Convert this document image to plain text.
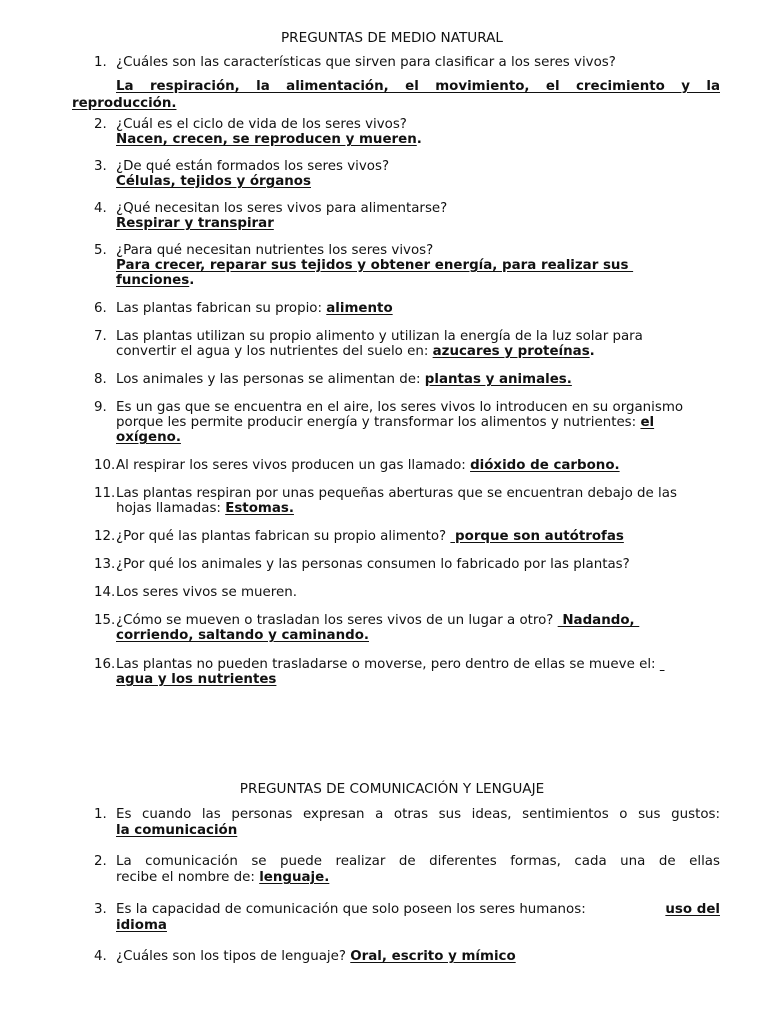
PREGUNTAS DE MEDIO NATURAL
1. ¿Cuáles son las características que sirven para clasificar a los seres vivos?
La respiración, la alimentación, el movimiento, el crecimiento y la
reproducción.
2. ¿Cuál es el ciclo de vida de los seres vivos?
Nacen, crecen, se reproducen y mueren.
3. ¿De qué están formados los seres vivos?
Células, tejidos y órganos
4. ¿Qué necesitan los seres vivos para alimentarse?
Respirar y transpirar
5. ¿Para qué necesitan nutrientes los seres vivos?
Para crecer, reparar sus tejidos y obtener energía, para realizar sus
funciones.
6. Las plantas fabrican su propio: alimento
7. Las plantas utilizan su propio alimento y utilizan la energía de la luz solar para
convertir el agua y los nutrientes del suelo en: azucares y proteínas.
8. Los animales y las personas se alimentan de: plantas y animales.
9. Es un gas que se encuentra en el aire, los seres vivos lo introducen en su organismo
porque les permite producir energía y transformar los alimentos y nutrientes: el
oxígeno.
10. Al respirar los seres vivos producen un gas llamado: dióxido de carbono.
11. Las plantas respiran por unas pequeñas aberturas que se encuentran debajo de las
hojas llamadas: Estomas.
12. ¿Por qué las plantas fabrican su propio alimento?  porque son autótrofas
13. ¿Por qué los animales y las personas consumen lo fabricado por las plantas?
14. Los seres vivos se mueren.
15. ¿Cómo se mueven o trasladan los seres vivos de un lugar a otro?  Nadando,
corriendo, saltando y caminando.
16. Las plantas no pueden trasladarse o moverse, pero dentro de ellas se mueve el:
agua y los nutrientes
PREGUNTAS DE COMUNICACIÓN Y LENGUAJE
1. Es cuando las personas expresan a otras sus ideas, sentimientos o sus gustos:
la comunicación
2. La comunicación se puede realizar de diferentes formas, cada una de ellas
recibe el nombre de: lenguaje.
3. Es la capacidad de comunicación que solo poseen los seres humanos:	uso del
idioma
4. ¿Cuáles son los tipos de lenguaje? Oral, escrito y mímico
